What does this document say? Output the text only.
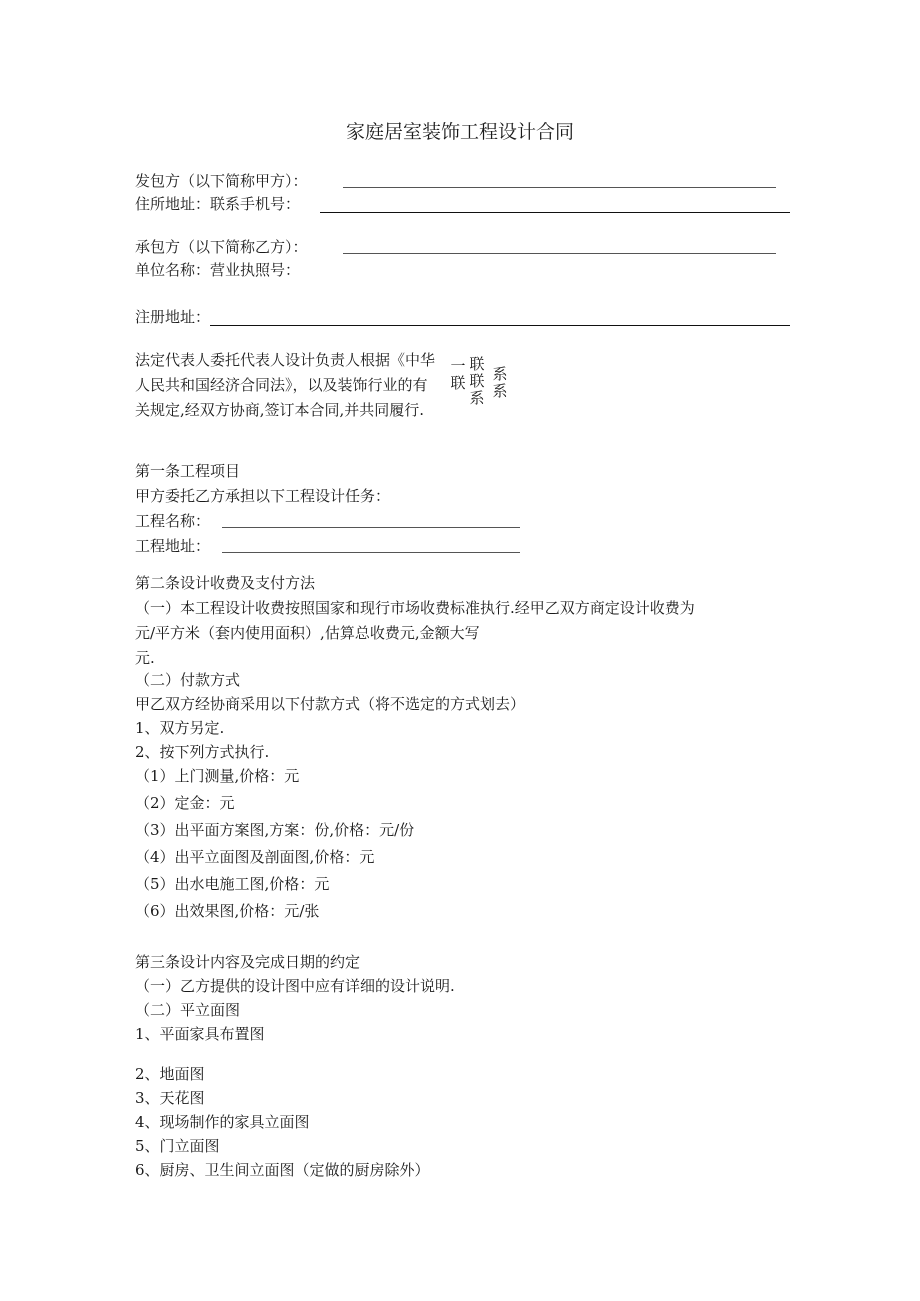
家庭居室装饰工程设计合同
发包方（以下简称甲方）：
住所地址：联系手机号：
承包方（以下简称乙方）：
单位名称：营业执照号：
注册地址：
法定代表人委托代表人设计负责人根据《中华人民共和国经济合同法》，以及装饰行业的有关规定,经双方协商,签订本合同,并共同履行.
一联
联联系
系系
第一条工程项目
甲方委托乙方承担以下工程设计任务：
工程名称：
工程地址：
第二条设计收费及支付方法
（一）本工程设计收费按照国家和现行市场收费标准执行.经甲乙双方商定设计收费为
元/平方米（套内使用面积）,估算总收费元,金额大写
元.
（二）付款方式
甲乙双方经协商采用以下付款方式（将不选定的方式划去）
1、双方另定.
2、按下列方式执行.
（1）上门测量,价格：元
（2）定金：元
（3）出平面方案图,方案：份,价格：元/份
（4）出平立面图及剖面图,价格：元
（5）出水电施工图,价格：元
（6）出效果图,价格：元/张
第三条设计内容及完成日期的约定
（一）乙方提供的设计图中应有详细的设计说明.
（二）平立面图
1、平面家具布置图
2、地面图
3、天花图
4、现场制作的家具立面图
5、门立面图
6、厨房、卫生间立面图（定做的厨房除外）
